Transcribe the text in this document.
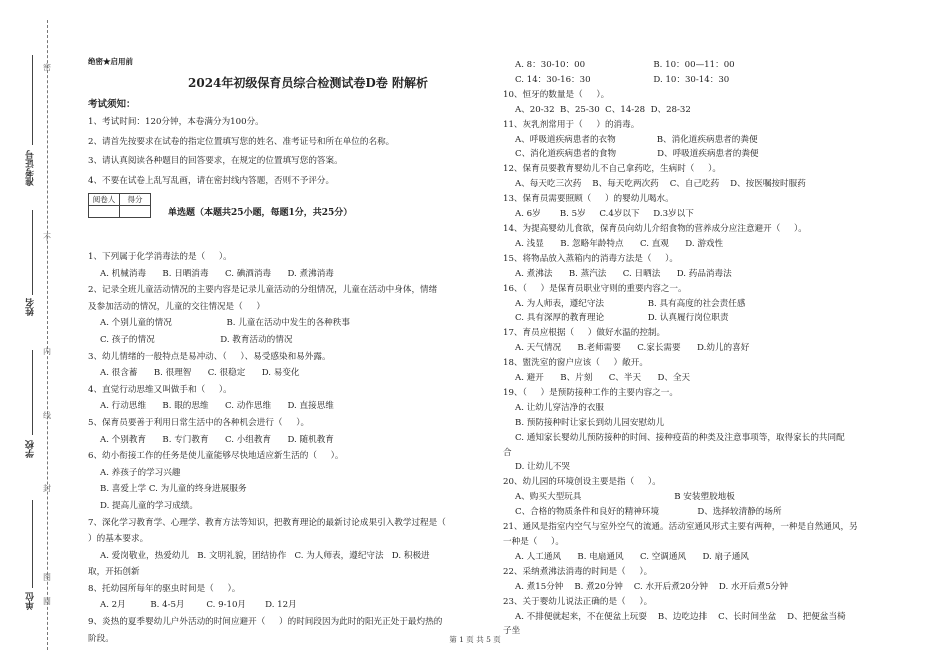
准考证号
姓名
学校
单位
密
不
内
线
封
图
圆
绝密★启用前
2024年初级保育员综合检测试卷D卷 附解析
考试须知：

1、考试时间：120分钟，本卷满分为100分。

2、请首先按要求在试卷的指定位置填写您的姓名、准考证号和所在单位的名称。

3、请认真阅读各种题目的回答要求，在规定的位置填写您的答案。

4、不要在试卷上乱写乱画，请在密封线内答题，否则不予评分。

阅卷人	得分

单选题（本题共25小题，每题1分，共25分）
1、下列属于化学消毒法的是（     ）。
A. 机械消毒      B. 日晒消毒      C. 碘酒消毒      D. 煮沸消毒
2、记录全班儿童活动情况的主要内容是记录儿童活动的分组情况，儿童在活动中身体，情绪
及参加活动的情况，儿童的交往情况是（     ）
A. 个别儿童的情况                    B. 儿童在活动中发生的各种秩事
C. 孩子的情况                        D. 教育活动的情况
3、幼儿情绪的一般特点是易冲动、（     ）、易受感染和易外露。
A. 很含蓄      B. 很理智      C. 很稳定      D. 易变化
4、直觉行动思维又叫做手和（     ）。
A. 行动思维      B. 眼的思维      C. 动作思维      D. 直接思维
5、保育员要善于利用日常生活中的各种机会进行（     ）。
A. 个别教育      B. 专门教育      C. 小组教育      D. 随机教育
6、幼小衔接工作的任务是使儿童能够尽快地适应新生活的（     ）。
A. 养孩子的学习兴趣
B. 喜爱上学 C. 为儿童的终身进展服务
D. 提高儿童的学习成绩。
7、深化学习教育学、心理学、教育方法等知识，把教育理论的最新讨论成果引入教学过程是（
）的基本要求。
A. 爱岗敬业，热爱幼儿   B. 文明礼貌，团结协作   C. 为人师表，遵纪守法   D. 积极进
取，开拓创新
8、托幼园所每年的驱虫时间是（     ）。
A. 2月         B. 4-5月        C. 9-10月       D. 12月
9、炎热的夏季婴幼儿户外活动的时间应避开（     ）的时间段因为此时的阳光正处于最灼热的
阶段。
A. 8：30-10：00                         B. 10：00—11：00
C. 14：30-16：30                       D. 10：30-14：30
10、恒牙的数量是（     ）。
A、20-32  B、25-30  C、14-28  D、28-32
11、灰乳剂常用于（     ）的消毒。
A、呼吸道疾病患者的衣物               B、消化道疾病患者的粪便
C、消化道疾病患者的食物               D、呼吸道疾病患者的粪便
12、保育员要教育婴幼儿不自己拿药吃，生病时（     ）。
A、每天吃三次药    B、每天吃两次药    C、自己吃药    D、按医嘱按时服药
13、保育员需要照顾（     ）的婴幼儿喝水。
A. 6岁       B. 5岁     C.4岁以下     D.3岁以下
14、为提高婴幼儿食欲，保育员向幼儿介绍食物的营养成分应注意避开（     ）。
A. 浅显      B. 忽略年龄特点      C. 直观      D. 游戏性
15、将物品放入蒸箱内的消毒方法是（     ）。
A. 煮沸法      B. 蒸汽法      C. 日晒法      D. 药品消毒法
16、（     ）是保育员职业守则的重要内容之一。
A. 为人师表，遵纪守法                B. 具有高度的社会责任感
C. 具有深厚的教育理论                D. 认真履行岗位职责
17、育员应根据（     ）做好水温的控制。
A. 天气情况      B.老师需要      C.家长需要      D.幼儿的喜好
18、盥洗室的窗户应该（     ）敞开。
A. 避开      B、片刻      C、半天      D、全天
19、（     ）是预防接种工作的主要内容之一。
A. 让幼儿穿洁净的衣服
B. 预防接种时让家长到幼儿园安慰幼儿
C. 通知家长婴幼儿预防接种的时间、接种疫苗的种类及注意事项等，取得家长的共同配
合
D. 让幼儿不哭
20、幼儿园的环境创设主要是指（     ）。
A、购买大型玩具                                  B 安装塑胶地板
C、合格的物质条件和良好的精神环境              D、选择较清静的场所
21、通风是指室内空气与室外空气的流通。活动室通风形式主要有两种，一种是自然通风，另
一种是（     ）。
A. 人工通风      B. 电扇通风      C. 空调通风      D. 扇子通风
22、采纳煮沸法消毒的时间是（     ）。
A. 煮15分钟    B. 煮20分钟    C. 水开后煮20分钟    D. 水开后煮5分钟
23、关于婴幼儿说法正确的是（     ）。
A. 不排便就起来，不在便盆上玩耍    B、边吃边排    C、长时间坐盆    D、把便盆当椅
子坐
第 1 页 共 5 页
